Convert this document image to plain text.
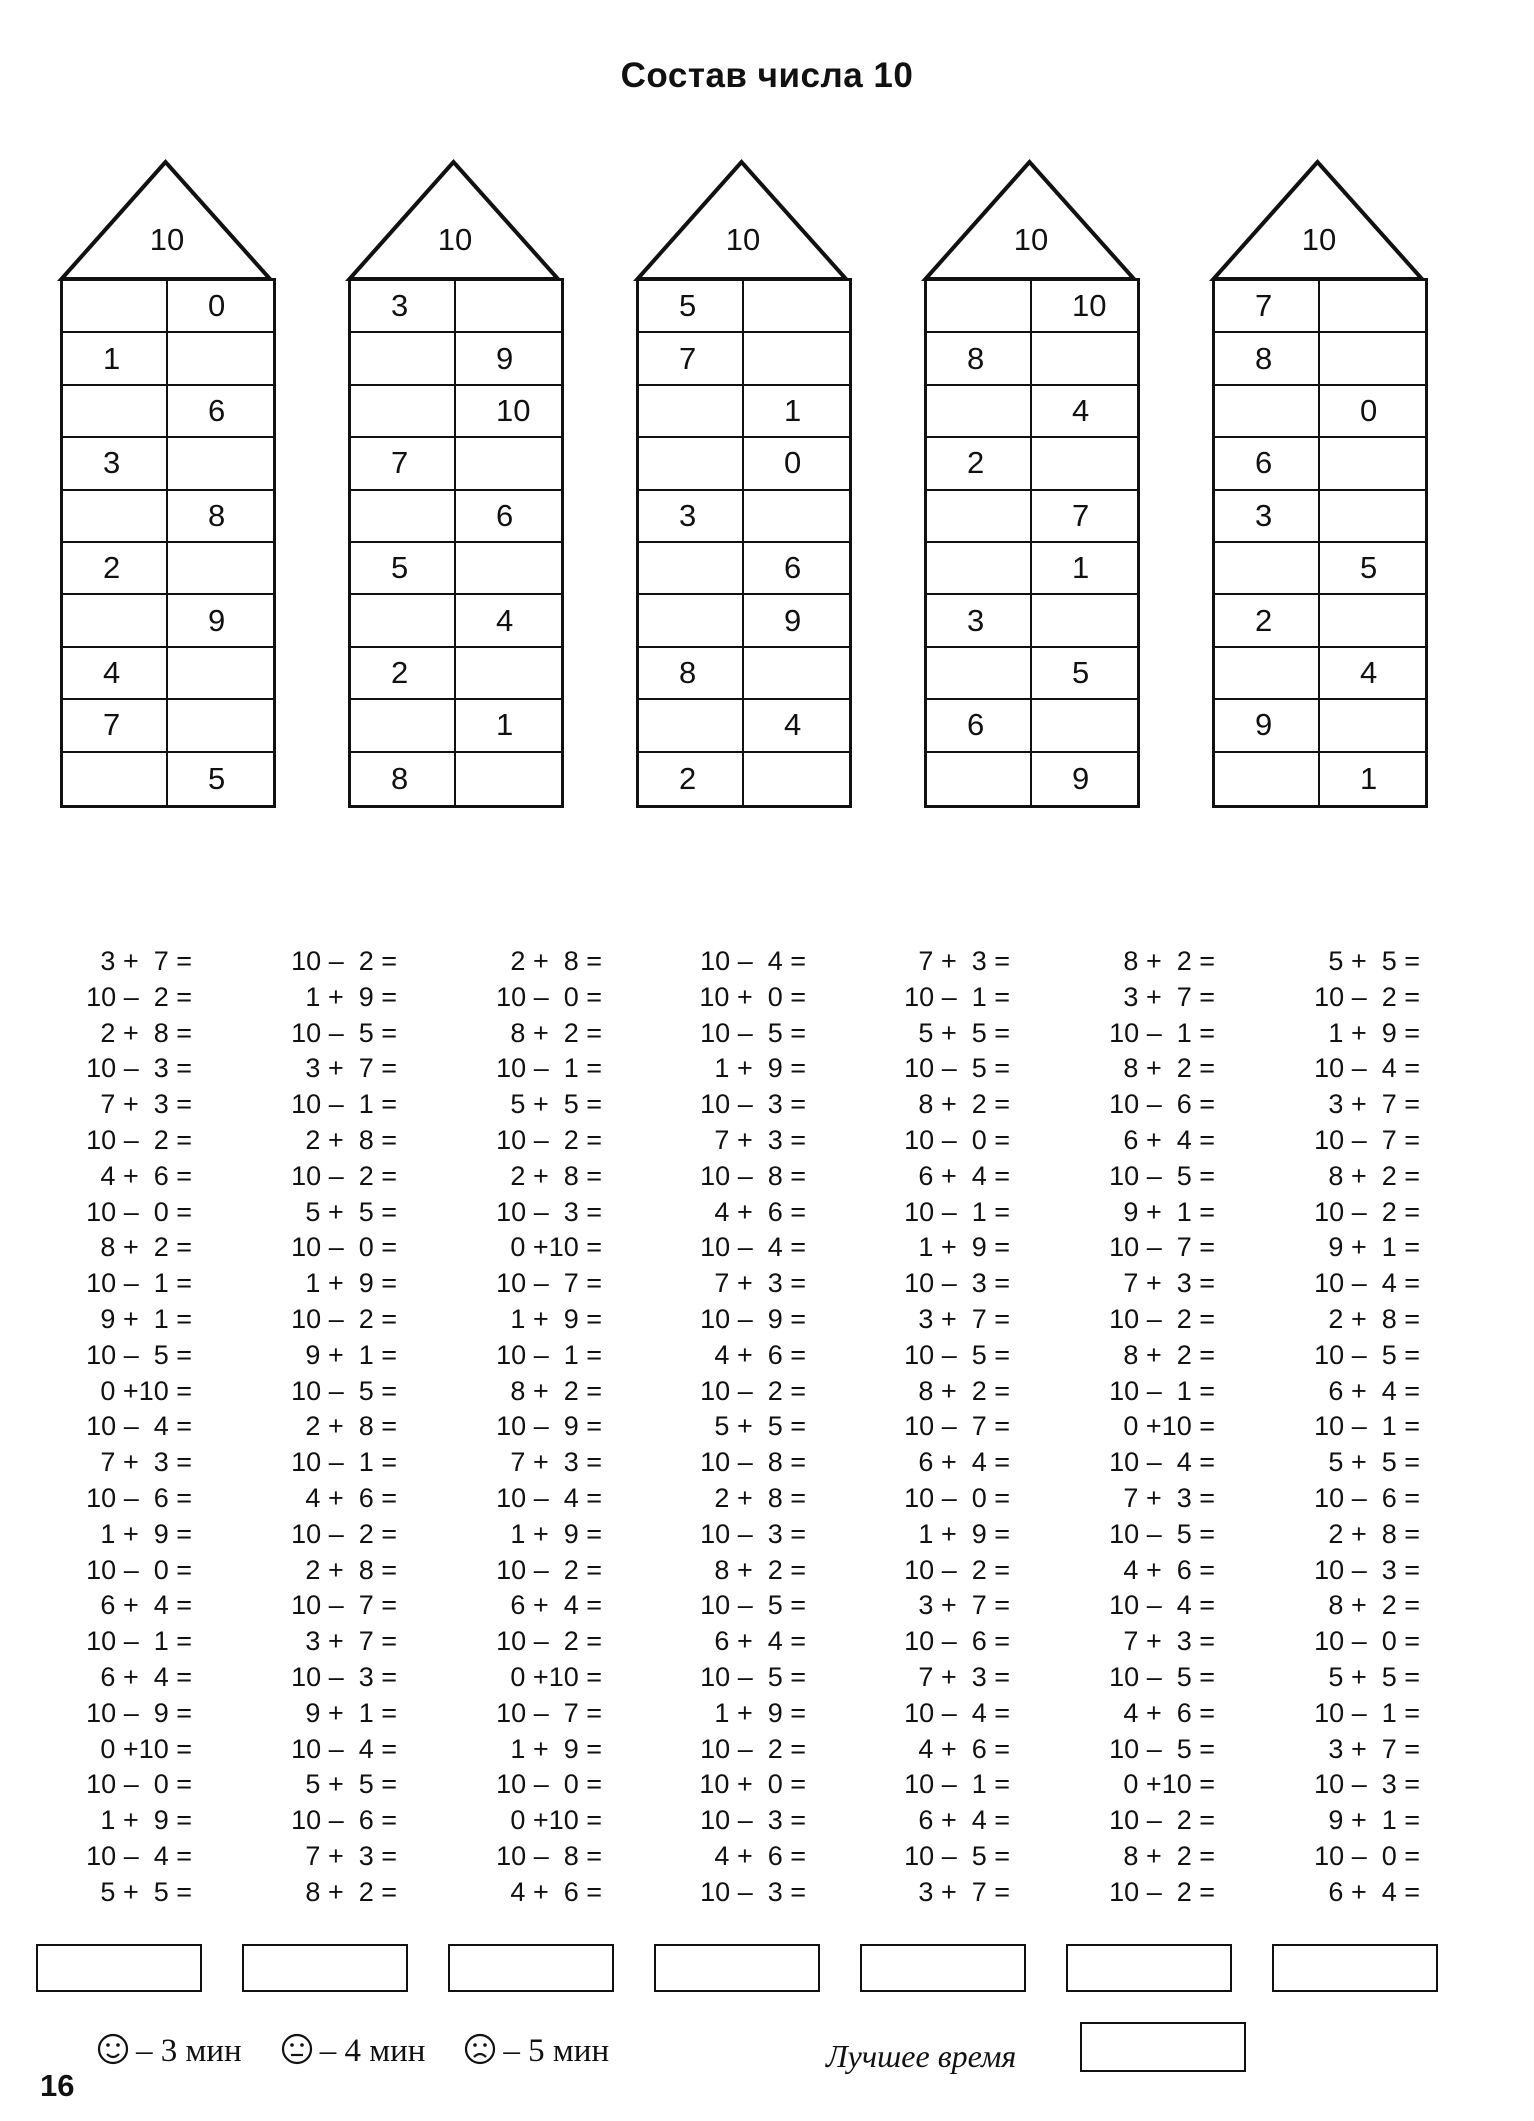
Состав числа 10
10
0
1
6
3
8
2
9
4
7
5
10
3
9
10
7
6
5
4
2
1
8
10
5
7
1
0
3
6
9
8
4
2
10
10
8
4
2
7
1
3
5
6
9
10
7
8
0
6
3
5
2
4
9
1
3 +  7 =
10 –  2 =
2 +  8 =
10 –  3 =
7 +  3 =
10 –  2 =
4 +  6 =
10 –  0 =
8 +  2 =
10 –  1 =
9 +  1 =
10 –  5 =
0 +10 =
10 –  4 =
7 +  3 =
10 –  6 =
1 +  9 =
10 –  0 =
6 +  4 =
10 –  1 =
6 +  4 =
10 –  9 =
0 +10 =
10 –  0 =
1 +  9 =
10 –  4 =
5 +  5 =
10 –  2 =
1 +  9 =
10 –  5 =
3 +  7 =
10 –  1 =
2 +  8 =
10 –  2 =
5 +  5 =
10 –  0 =
1 +  9 =
10 –  2 =
9 +  1 =
10 –  5 =
2 +  8 =
10 –  1 =
4 +  6 =
10 –  2 =
2 +  8 =
10 –  7 =
3 +  7 =
10 –  3 =
9 +  1 =
10 –  4 =
5 +  5 =
10 –  6 =
7 +  3 =
8 +  2 =
2 +  8 =
10 –  0 =
8 +  2 =
10 –  1 =
5 +  5 =
10 –  2 =
2 +  8 =
10 –  3 =
0 +10 =
10 –  7 =
1 +  9 =
10 –  1 =
8 +  2 =
10 –  9 =
7 +  3 =
10 –  4 =
1 +  9 =
10 –  2 =
6 +  4 =
10 –  2 =
0 +10 =
10 –  7 =
1 +  9 =
10 –  0 =
0 +10 =
10 –  8 =
4 +  6 =
10 –  4 =
10 +  0 =
10 –  5 =
1 +  9 =
10 –  3 =
7 +  3 =
10 –  8 =
4 +  6 =
10 –  4 =
7 +  3 =
10 –  9 =
4 +  6 =
10 –  2 =
5 +  5 =
10 –  8 =
2 +  8 =
10 –  3 =
8 +  2 =
10 –  5 =
6 +  4 =
10 –  5 =
1 +  9 =
10 –  2 =
10 +  0 =
10 –  3 =
4 +  6 =
10 –  3 =
7 +  3 =
10 –  1 =
5 +  5 =
10 –  5 =
8 +  2 =
10 –  0 =
6 +  4 =
10 –  1 =
1 +  9 =
10 –  3 =
3 +  7 =
10 –  5 =
8 +  2 =
10 –  7 =
6 +  4 =
10 –  0 =
1 +  9 =
10 –  2 =
3 +  7 =
10 –  6 =
7 +  3 =
10 –  4 =
4 +  6 =
10 –  1 =
6 +  4 =
10 –  5 =
3 +  7 =
8 +  2 =
3 +  7 =
10 –  1 =
8 +  2 =
10 –  6 =
6 +  4 =
10 –  5 =
9 +  1 =
10 –  7 =
7 +  3 =
10 –  2 =
8 +  2 =
10 –  1 =
0 +10 =
10 –  4 =
7 +  3 =
10 –  5 =
4 +  6 =
10 –  4 =
7 +  3 =
10 –  5 =
4 +  6 =
10 –  5 =
0 +10 =
10 –  2 =
8 +  2 =
10 –  2 =
5 +  5 =
10 –  2 =
1 +  9 =
10 –  4 =
3 +  7 =
10 –  7 =
8 +  2 =
10 –  2 =
9 +  1 =
10 –  4 =
2 +  8 =
10 –  5 =
6 +  4 =
10 –  1 =
5 +  5 =
10 –  6 =
2 +  8 =
10 –  3 =
8 +  2 =
10 –  0 =
5 +  5 =
10 –  1 =
3 +  7 =
10 –  3 =
9 +  1 =
10 –  0 =
6 +  4 =
– 3 мин – 4 мин – 5 мин	Лучшее время
16
